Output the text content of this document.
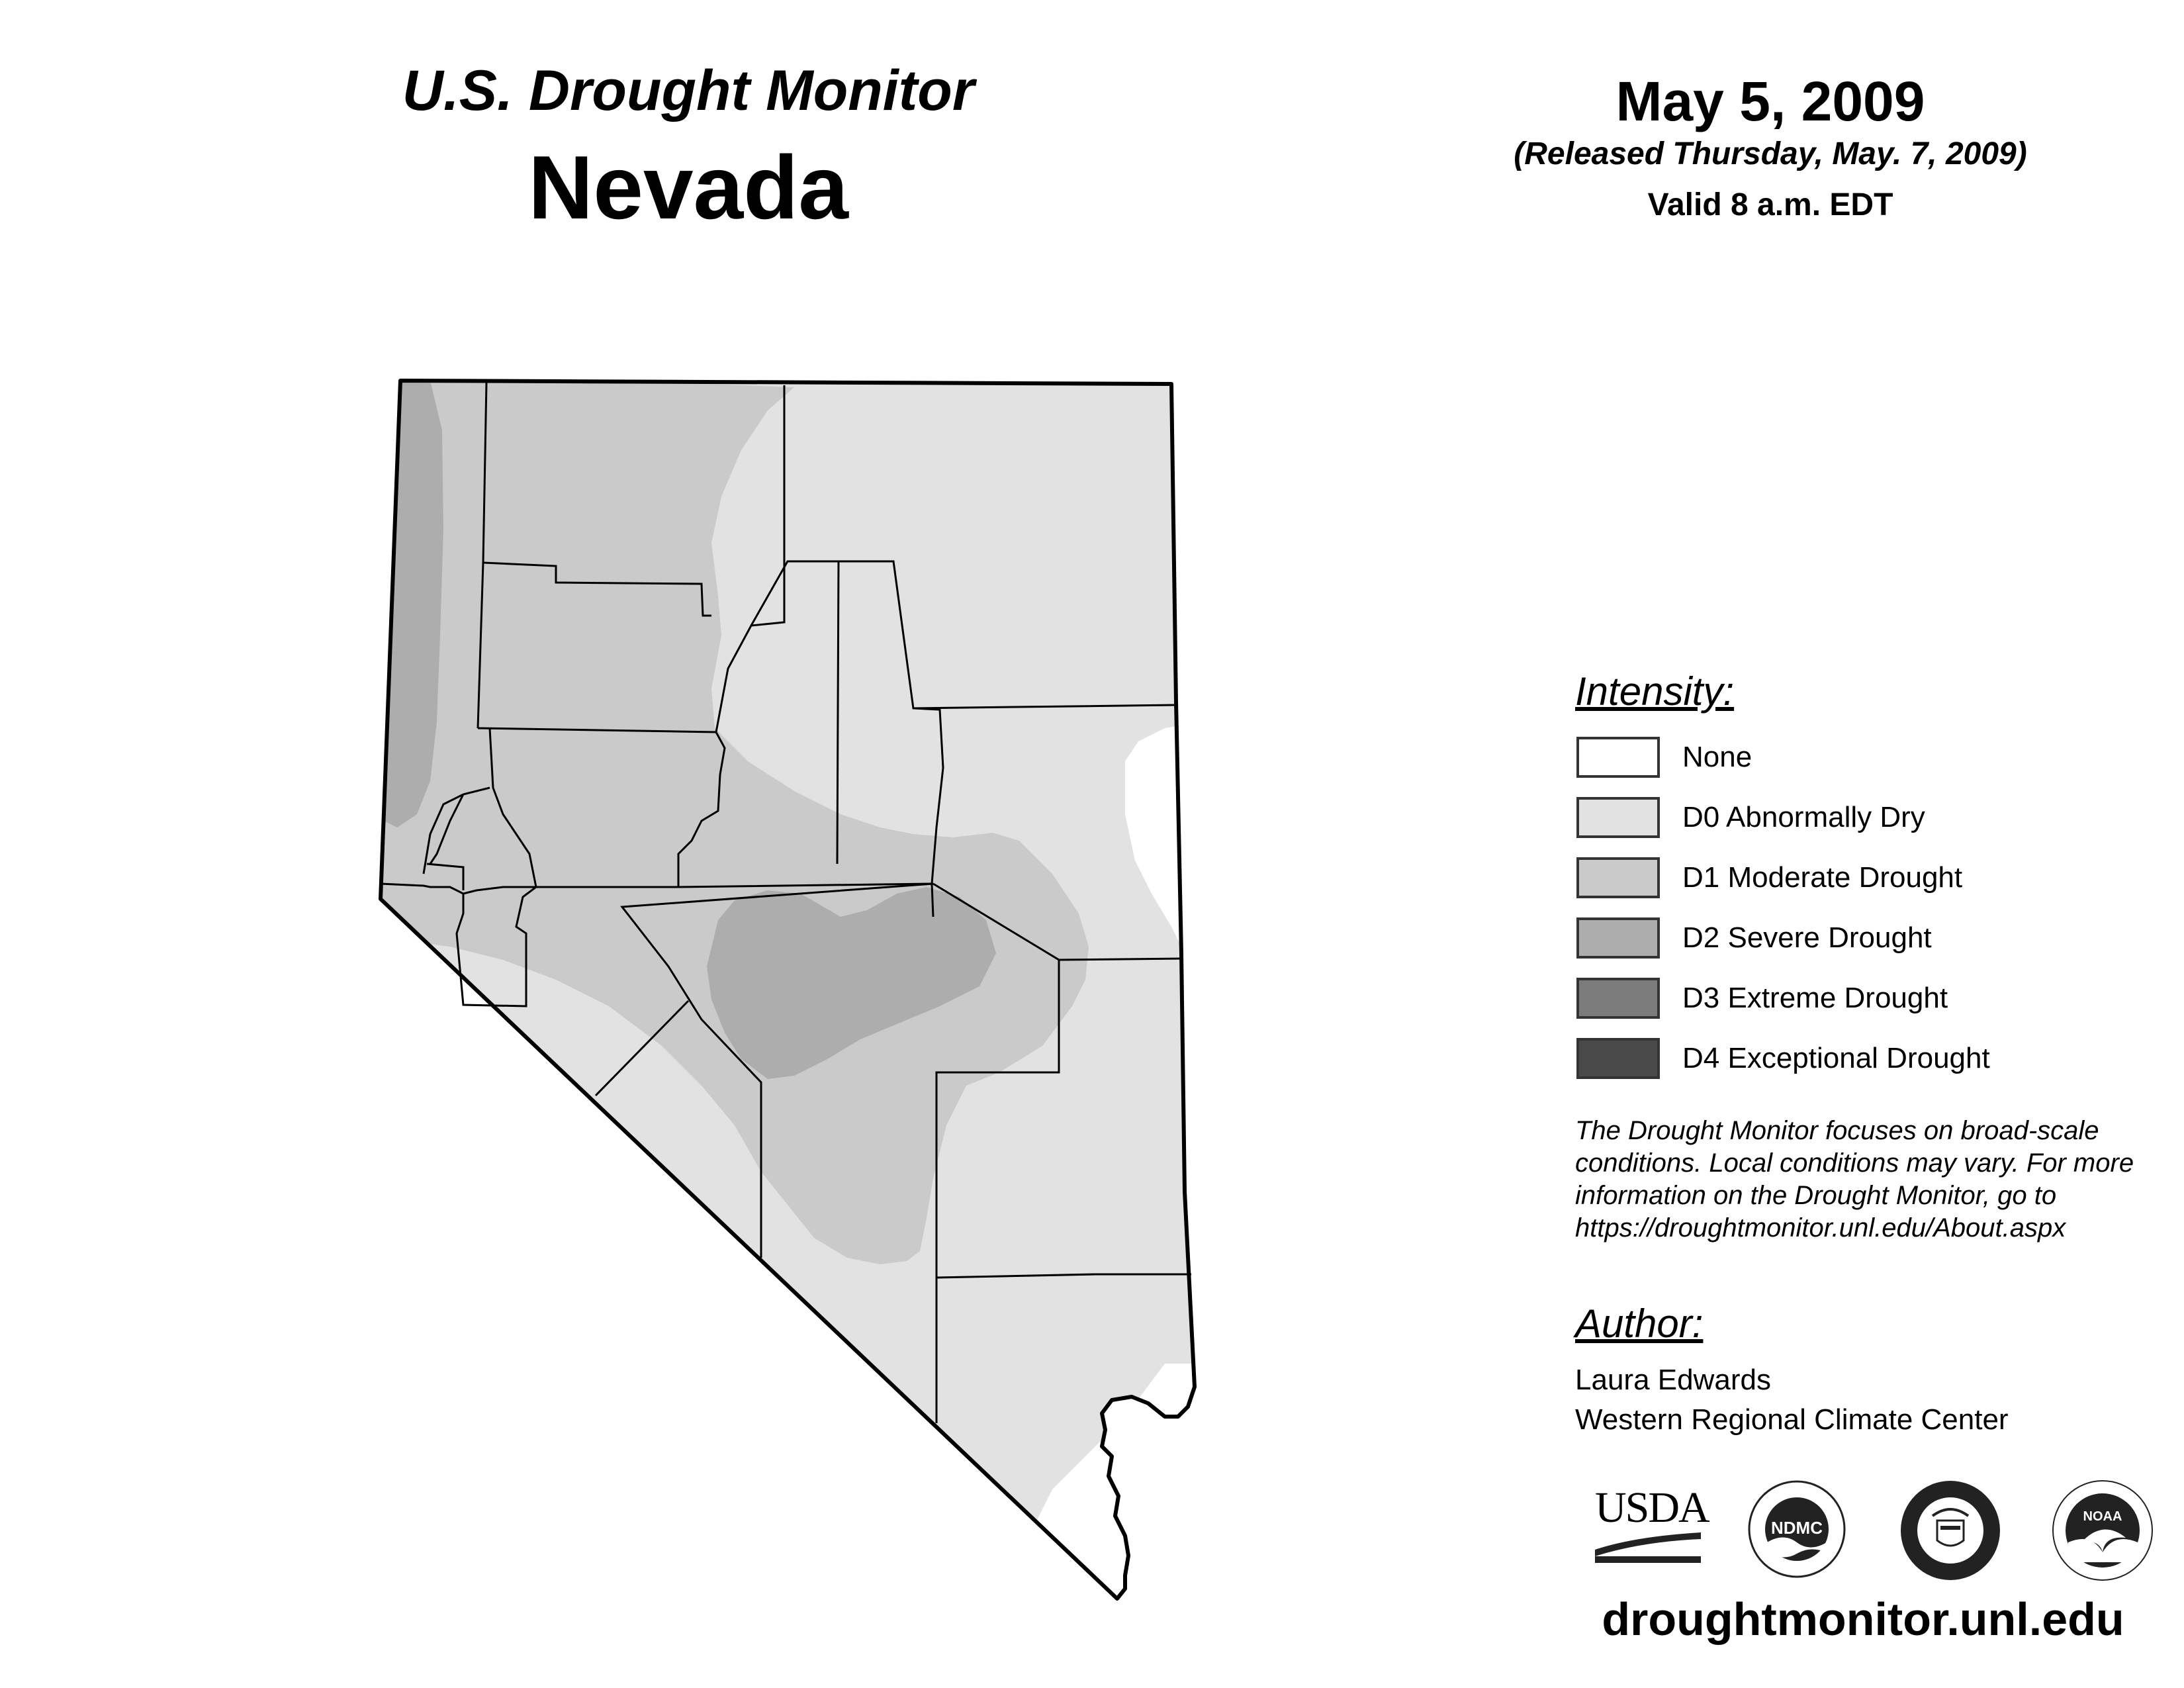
U.S. Drought Monitor
Nevada
May 5, 2009
(Released Thursday, May. 7, 2009)
Valid 8 a.m. EDT
Intensity:
None
D0 Abnormally Dry
D1 Moderate Drought
D2 Severe Drought
D3 Extreme Drought
D4 Exceptional Drought
The Drought Monitor focuses on broad-scale
conditions. Local conditions may vary. For more
information on the Drought Monitor, go to
https://droughtmonitor.unl.edu/About.aspx
Author:
Laura Edwards
Western Regional Climate Center
USDA	NDMC
NOAA
droughtmonitor.unl.edu
